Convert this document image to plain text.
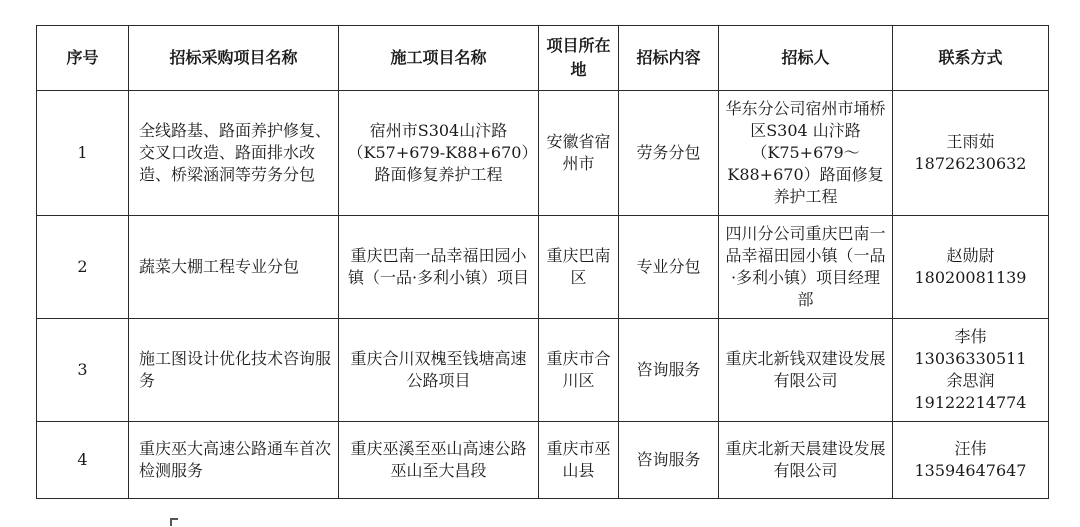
序号	招标采购项目名称	施工项目名称	项目所在地	招标内容	招标人	联系方式
1	全线路基、路面养护修复、交叉口改造、路面排水改造、桥梁涵洞等劳务分包	宿州市S304山汴路（K57+679-K88+670）路面修复养护工程	安徽省宿州市	劳务分包	华东分公司宿州市埇桥区S304 山汴路（K75+679～K88+670）路面修复养护工程	王雨茹
18726230632

2	蔬菜大棚工程专业分包	重庆巴南一品幸福田园小镇（一品·多利小镇）项目	重庆巴南区	专业分包	四川分公司重庆巴南一品幸福田园小镇（一品·多利小镇）项目经理部	赵勋尉
18020081139

3	施工图设计优化技术咨询服务	重庆合川双槐至钱塘高速公路项目	重庆市合川区	咨询服务	重庆北新钱双建设发展有限公司	李伟
13036330511
余思润
19122214774

4	重庆巫大高速公路通车首次检测服务	重庆巫溪至巫山高速公路巫山至大昌段	重庆市巫山县	咨询服务	重庆北新天晨建设发展有限公司	汪伟
13594647647
